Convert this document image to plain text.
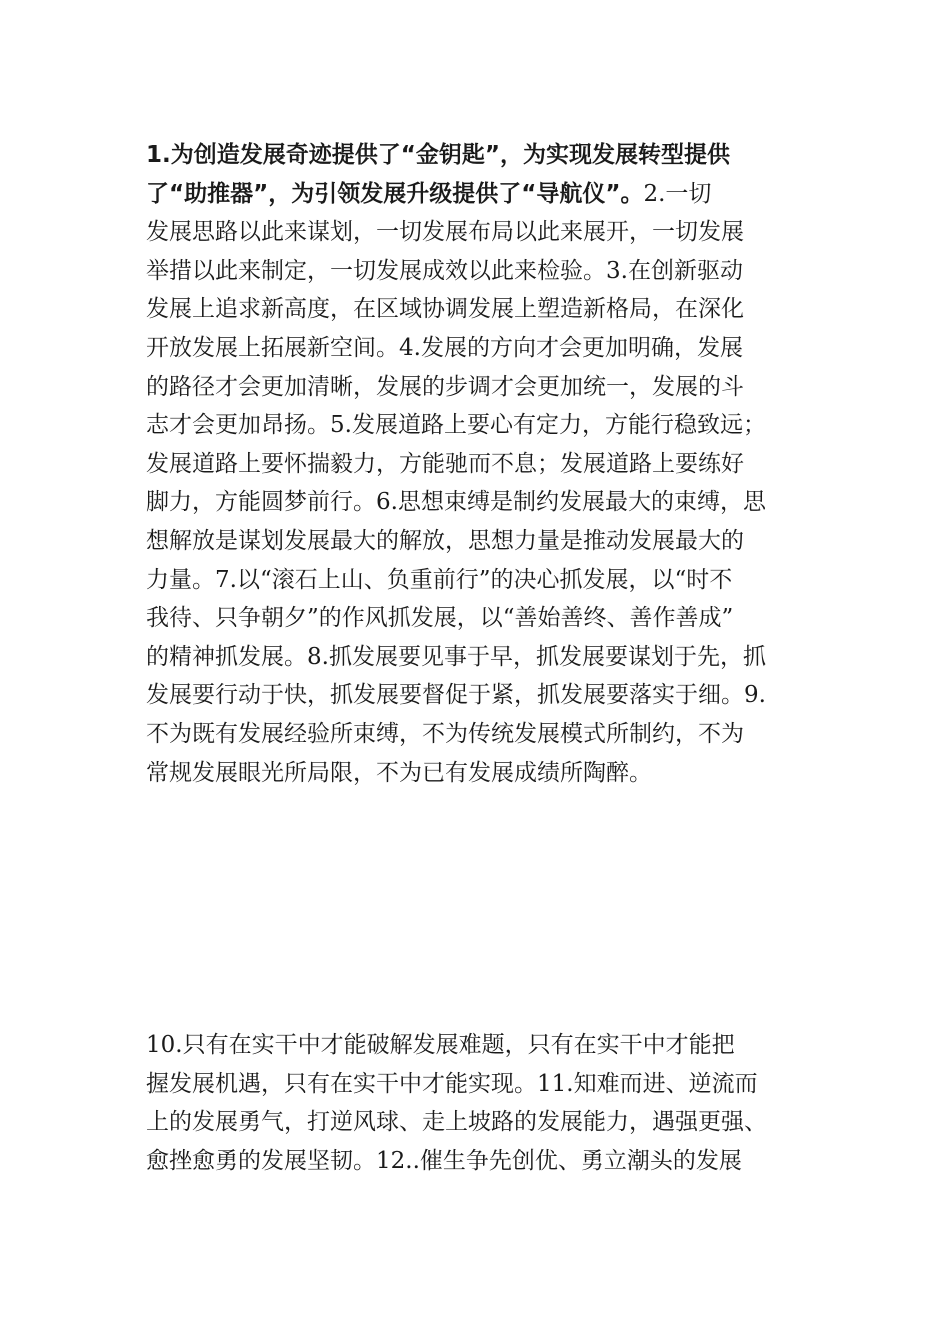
1.为创造发展奇迹提供了“金钥匙”，为实现发展转型提供
了“助推器”，为引领发展升级提供了“导航仪”。2.一切
发展思路以此来谋划，一切发展布局以此来展开，一切发展
举措以此来制定，一切发展成效以此来检验。3.在创新驱动
发展上追求新高度，在区域协调发展上塑造新格局，在深化
开放发展上拓展新空间。4.发展的方向才会更加明确，发展
的路径才会更加清晰，发展的步调才会更加统一，发展的斗
志才会更加昂扬。5.发展道路上要心有定力，方能行稳致远；
发展道路上要怀揣毅力，方能驰而不息；发展道路上要练好
脚力，方能圆梦前行。6.思想束缚是制约发展最大的束缚，思
想解放是谋划发展最大的解放，思想力量是推动发展最大的
力量。7.以“滚石上山、负重前行”的决心抓发展，以“时不
我待、只争朝夕”的作风抓发展，以“善始善终、善作善成”
的精神抓发展。8.抓发展要见事于早，抓发展要谋划于先，抓
发展要行动于快，抓发展要督促于紧，抓发展要落实于细。9.
不为既有发展经验所束缚，不为传统发展模式所制约，不为
常规发展眼光所局限，不为已有发展成绩所陶醉。
10.只有在实干中才能破解发展难题，只有在实干中才能把
握发展机遇，只有在实干中才能实现。11.知难而进、逆流而
上的发展勇气，打逆风球、走上坡路的发展能力，遇强更强、
愈挫愈勇的发展坚韧。12..催生争先创优、勇立潮头的发展
